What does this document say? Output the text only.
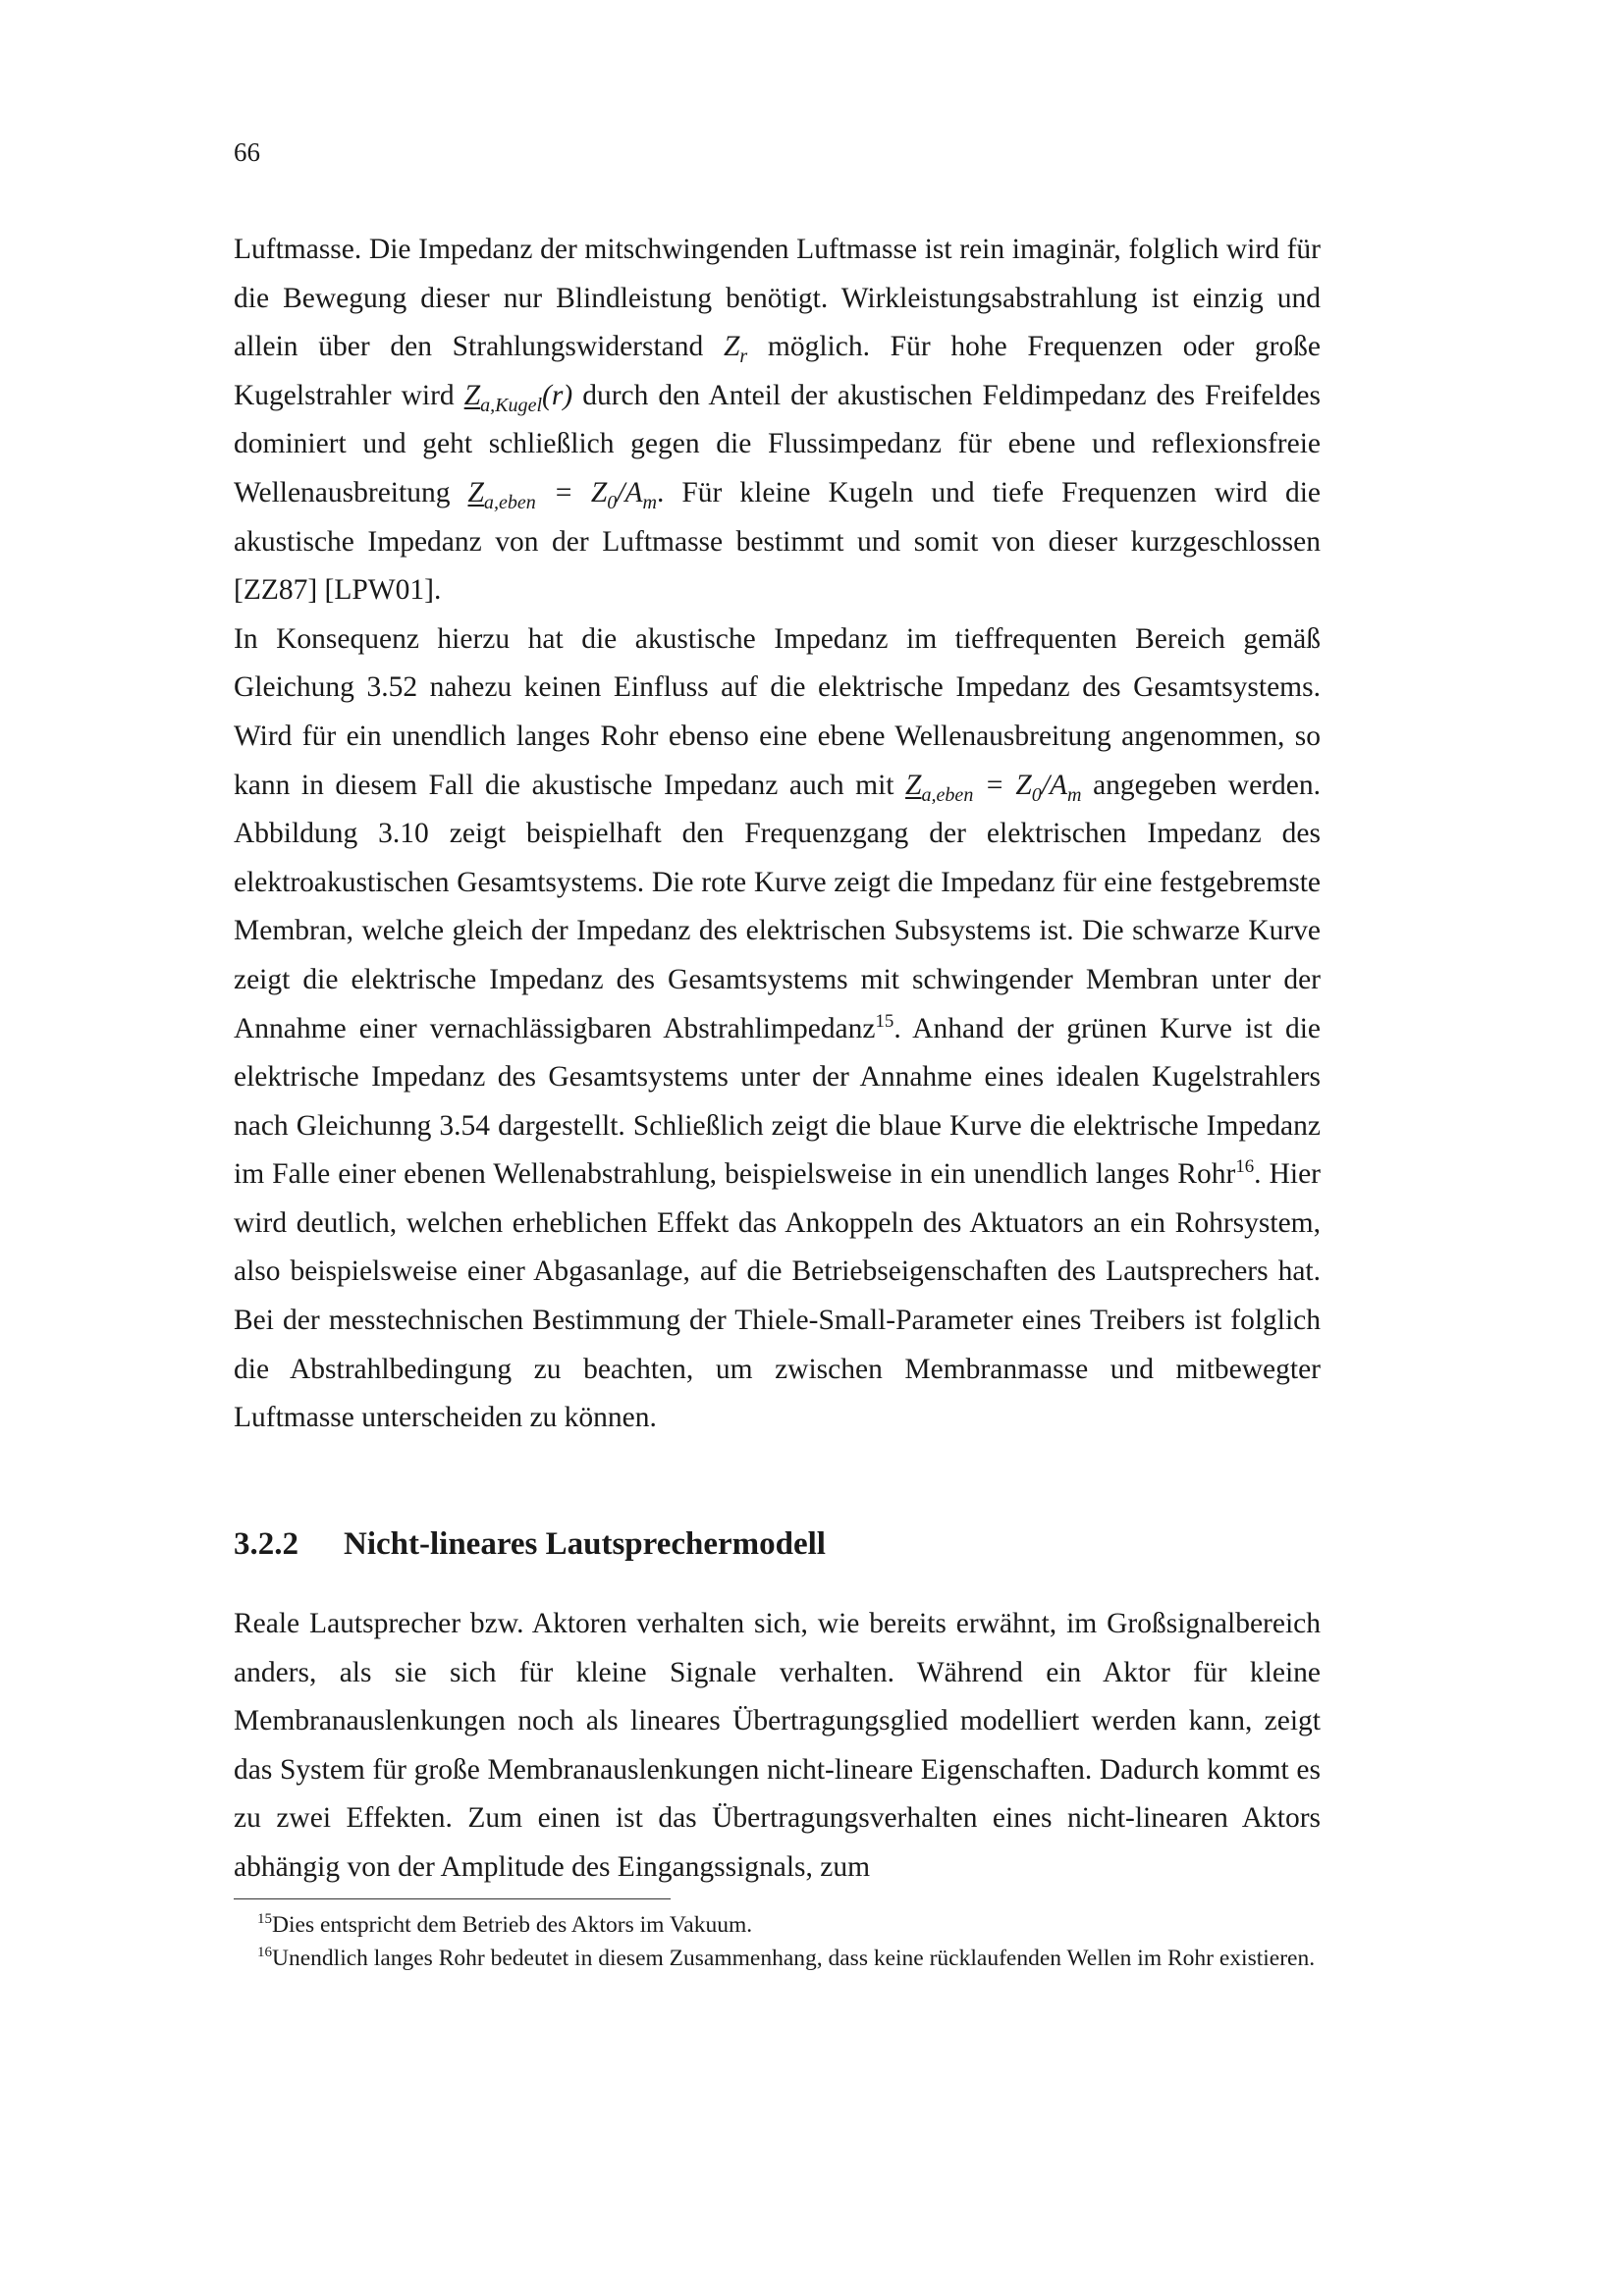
66

Luftmasse. Die Impedanz der mitschwingenden Luftmasse ist rein imaginär, folglich wird für die Bewegung dieser nur Blindleistung benötigt. Wirkleistungsabstrahlung ist einzig und allein über den Strahlungswiderstand $Z_r$ möglich. Für hohe Frequenzen oder große Kugelstrahler wird $Z_{a,Kugel}(r)$ durch den Anteil der akustischen Feldimpedanz des Freifeldes dominiert und geht schließlich gegen die Flussimpedanz für ebene und reflexionsfreie Wellenausbreitung $Z_{a,eben} = Z_0/A_m$. Für kleine Kugeln und tiefe Frequenzen wird die akustische Impedanz von der Luftmasse bestimmt und somit von dieser kurzgeschlossen [ZZ87] [LPW01].

In Konsequenz hierzu hat die akustische Impedanz im tieffrequenten Bereich gemäß Gleichung 3.52 nahezu keinen Einfluss auf die elektrische Impedanz des Gesamtsystems. Wird für ein unendlich langes Rohr ebenso eine ebene Wellenausbreitung angenommen, so kann in diesem Fall die akustische Impedanz auch mit $Z_{a,eben} = Z_0/A_m$ angegeben werden. Abbildung 3.10 zeigt beispielhaft den Frequenzgang der elektrischen Impedanz des elektroakustischen Gesamtsystems. Die rote Kurve zeigt die Impedanz für eine festgebremste Membran, welche gleich der Impedanz des elektrischen Subsystems ist. Die schwarze Kurve zeigt die elektrische Impedanz des Gesamtsystems mit schwingender Membran unter der Annahme einer vernachlässigbaren Abstrahlimpedanz$^{15}$. Anhand der grünen Kurve ist die elektrische Impedanz des Gesamtsystems unter der Annahme eines idealen Kugelstrahlers nach Gleichunng 3.54 dargestellt. Schließlich zeigt die blaue Kurve die elektrische Impedanz im Falle einer ebenen Wellenabstrahlung, beispielsweise in ein unendlich langes Rohr$^{16}$. Hier wird deutlich, welchen erheblichen Effekt das Ankoppeln des Aktuators an ein Rohrsystem, also beispielsweise einer Abgasanlage, auf die Betriebseigenschaften des Lautsprechers hat. Bei der messtechnischen Bestimmung der Thiele-Small-Parameter eines Treibers ist folglich die Abstrahlbedingung zu beachten, um zwischen Membranmasse und mitbewegter Luftmasse unterscheiden zu können.

3.2.2 Nicht-lineares Lautsprechermodell

Reale Lautsprecher bzw. Aktoren verhalten sich, wie bereits erwähnt, im Großsignalbereich anders, als sie sich für kleine Signale verhalten. Während ein Aktor für kleine Membranauslenkungen noch als lineares Übertragungsglied modelliert werden kann, zeigt das System für große Membranauslenkungen nicht-lineare Eigenschaften. Dadurch kommt es zu zwei Effekten. Zum einen ist das Übertragungsverhalten eines nicht-linearen Aktors abhängig von der Amplitude des Eingangssignals, zum

$^{15}$Dies entspricht dem Betrieb des Aktors im Vakuum.

$^{16}$Unendlich langes Rohr bedeutet in diesem Zusammenhang, dass keine rücklaufenden Wellen im Rohr existieren.
